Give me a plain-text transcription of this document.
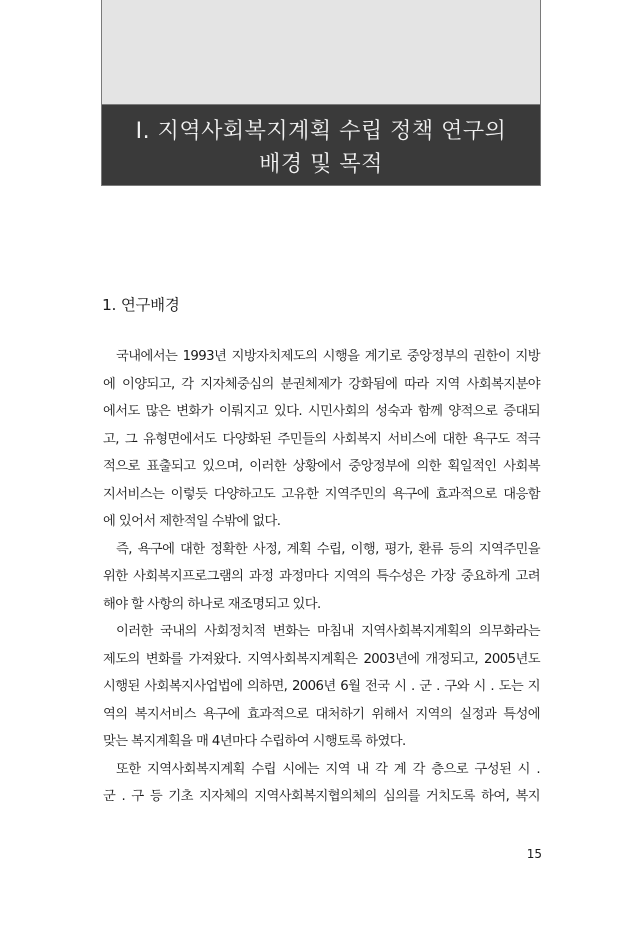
Ⅰ. 지역사회복지계획 수립 정책 연구의
배경 및 목적
1. 연구배경
국내에서는 1993년 지방자치제도의 시행을 계기로 중앙정부의 권한이 지방
에 이양되고, 각 지자체중심의 분권체제가 강화됨에 따라 지역 사회복지분야
에서도 많은 변화가 이뤄지고 있다. 시민사회의 성숙과 함께 양적으로 증대되
고, 그 유형면에서도 다양화된 주민들의 사회복지 서비스에 대한 욕구도 적극
적으로 표출되고 있으며, 이러한 상황에서 중앙정부에 의한 획일적인 사회복
지서비스는 이렇듯 다양하고도 고유한 지역주민의 욕구에 효과적으로 대응함
에 있어서 제한적일 수밖에 없다.
즉, 욕구에 대한 정확한 사정, 계획 수립, 이행, 평가, 환류 등의 지역주민을
위한 사회복지프로그램의 과정 과정마다 지역의 특수성은 가장 중요하게 고려
해야 할 사항의 하나로 재조명되고 있다.
이러한 국내의 사회정치적 변화는 마침내 지역사회복지계획의 의무화라는
제도의 변화를 가져왔다. 지역사회복지계획은 2003년에 개정되고, 2005년도
시행된 사회복지사업법에 의하면, 2006년 6월 전국 시 . 군 . 구와 시 . 도는 지
역의 복지서비스 욕구에 효과적으로 대처하기 위해서 지역의 실정과 특성에
맞는 복지계획을 매 4년마다 수립하여 시행토록 하였다.
또한 지역사회복지계획 수립 시에는 지역 내 각 계 각 층으로 구성된 시 .
군 . 구 등 기초 지자체의 지역사회복지협의체의 심의를 거치도록 하여, 복지
15
